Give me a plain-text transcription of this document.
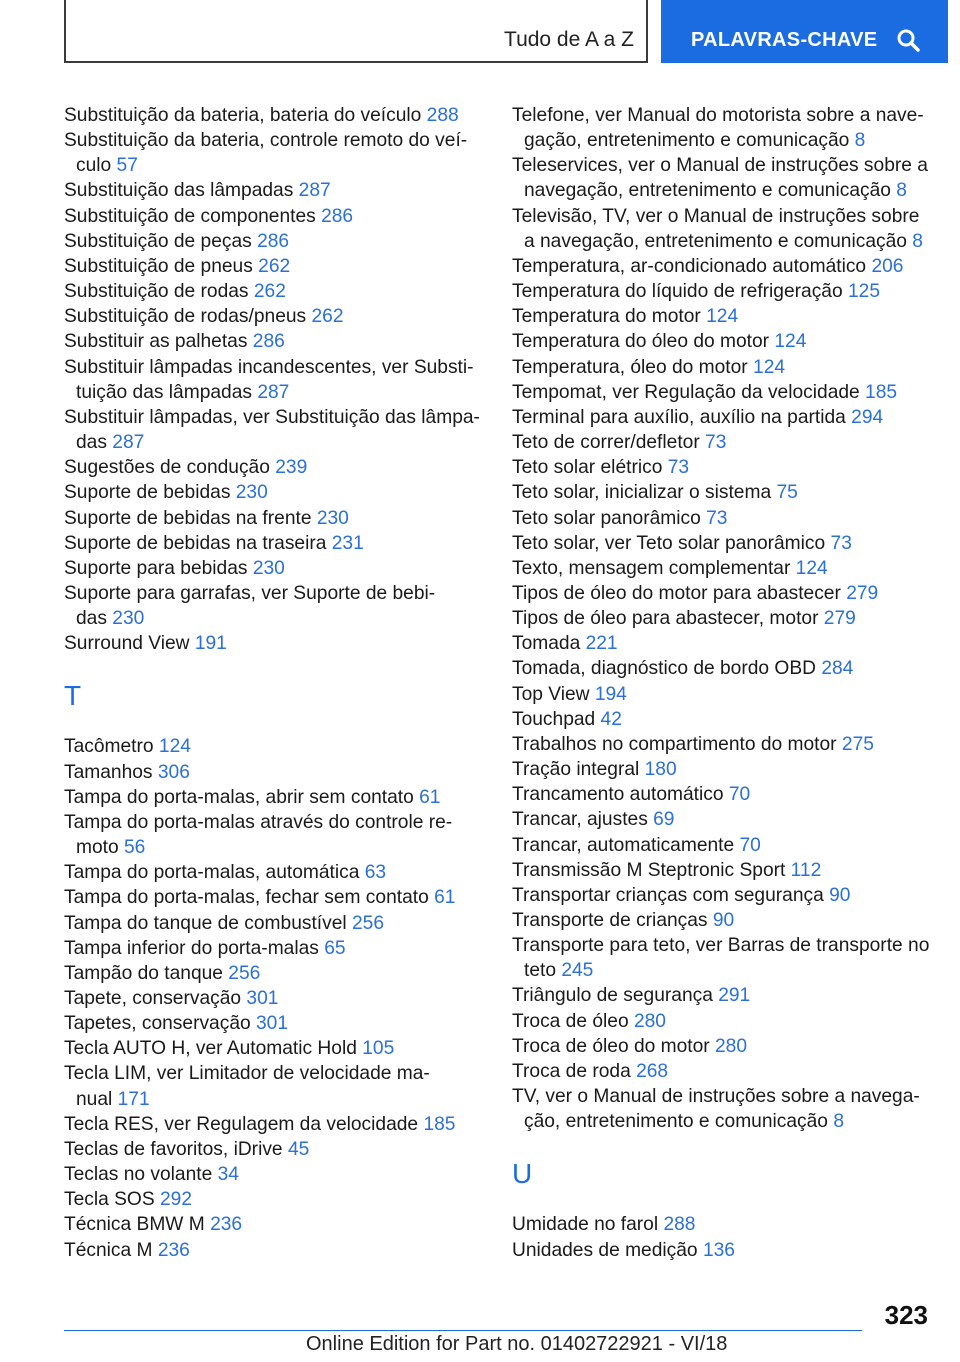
Tudo de A a Z	PALAVRAS-CHAVE
Substituição da bateria, bateria do veículo 288
Substituição da bateria, controle remoto do veí-
culo 57
Substituição das lâmpadas 287
Substituição de componentes 286
Substituição de peças 286
Substituição de pneus 262
Substituição de rodas 262
Substituição de rodas/pneus 262
Substituir as palhetas 286
Substituir lâmpadas incandescentes, ver Substi-
tuição das lâmpadas 287
Substituir lâmpadas, ver Substituição das lâmpa-
das 287
Sugestões de condução 239
Suporte de bebidas 230
Suporte de bebidas na frente 230
Suporte de bebidas na traseira 231
Suporte para bebidas 230
Suporte para garrafas, ver Suporte de bebi-
das 230
Surround View 191
T
Tacômetro 124
Tamanhos 306
Tampa do porta-malas, abrir sem contato 61
Tampa do porta-malas através do controle re-
moto 56
Tampa do porta-malas, automática 63
Tampa do porta-malas, fechar sem contato 61
Tampa do tanque de combustível 256
Tampa inferior do porta-malas 65
Tampão do tanque 256
Tapete, conservação 301
Tapetes, conservação 301
Tecla AUTO H, ver Automatic Hold 105
Tecla LIM, ver Limitador de velocidade ma-
nual 171
Tecla RES, ver Regulagem da velocidade 185
Teclas de favoritos, iDrive 45
Teclas no volante 34
Tecla SOS 292
Técnica BMW M 236
Técnica M 236
Telefone, ver Manual do motorista sobre a nave-
gação, entretenimento e comunicação 8
Teleservices, ver o Manual de instruções sobre a
navegação, entretenimento e comunicação 8
Televisão, TV, ver o Manual de instruções sobre
a navegação, entretenimento e comunicação 8
Temperatura, ar-condicionado automático 206
Temperatura do líquido de refrigeração 125
Temperatura do motor 124
Temperatura do óleo do motor 124
Temperatura, óleo do motor 124
Tempomat, ver Regulação da velocidade 185
Terminal para auxílio, auxílio na partida 294
Teto de correr/defletor 73
Teto solar elétrico 73
Teto solar, inicializar o sistema 75
Teto solar panorâmico 73
Teto solar, ver Teto solar panorâmico 73
Texto, mensagem complementar 124
Tipos de óleo do motor para abastecer 279
Tipos de óleo para abastecer, motor 279
Tomada 221
Tomada, diagnóstico de bordo OBD 284
Top View 194
Touchpad 42
Trabalhos no compartimento do motor 275
Tração integral 180
Trancamento automático 70
Trancar, ajustes 69
Trancar, automaticamente 70
Transmissão M Steptronic Sport 112
Transportar crianças com segurança 90
Transporte de crianças 90
Transporte para teto, ver Barras de transporte no
teto 245
Triângulo de segurança 291
Troca de óleo 280
Troca de óleo do motor 280
Troca de roda 268
TV, ver o Manual de instruções sobre a navega-
ção, entretenimento e comunicação 8
U
Umidade no farol 288
Unidades de medição 136
323
Online Edition for Part no. 01402722921 - VI/18
